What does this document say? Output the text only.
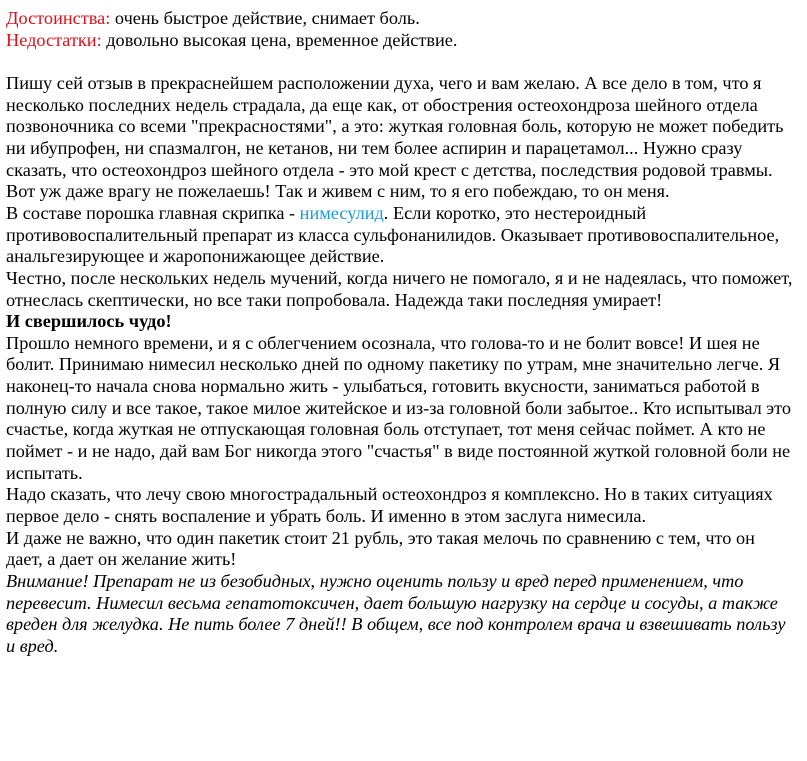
Достоинства: очень быстрое действие, снимает боль.

Недостатки: довольно высокая цена, временное действие.

Пишу сей отзыв в прекраснейшем расположении духа, чего и вам желаю. А все дело в том, что я несколько последних недель страдала, да еще как, от обострения остеохондроза шейного отдела позвоночника со всеми "прекрасностями", а это: жуткая головная боль, которую не может победить ни ибупрофен, ни спазмалгон, не кетанов, ни тем более аспирин и парацетамол... Нужно сразу сказать, что остеохондроз шейного отдела - это мой крест с детства, последствия родовой травмы. Вот уж даже врагу не пожелаешь! Так и живем с ним, то я его побеждаю, то он меня.

В составе порошка главная скрипка - нимесулид. Если коротко, это нестероидный противовоспалительный препарат из класса сульфонанилидов. Оказывает противовоспалительное, анальгезирующее и жаропонижающее действие.

Честно, после нескольких недель мучений, когда ничего не помогало, я и не надеялась, что поможет, отнеслась скептически, но все таки попробовала. Надежда таки последняя умирает!

И свершилось чудо!

Прошло немного времени, и я с облегчением осознала, что голова-то и не болит вовсе! И шея не болит. Принимаю нимесил несколько дней по одному пакетику по утрам, мне значительно легче. Я наконец-то начала снова нормально жить - улыбаться, готовить вкусности, заниматься работой в полную силу и все такое, такое милое житейское и из-за головной боли забытое.. Кто испытывал это счастье, когда жуткая не отпускающая головная боль отступает, тот меня сейчас поймет. А кто не поймет - и не надо, дай вам Бог никогда этого "счастья" в виде постоянной жуткой головной боли не испытать.

Надо сказать, что лечу свою многострадальный остеохондроз я комплексно. Но в таких ситуациях первое дело - снять воспаление и убрать боль. И именно в этом заслуга нимесила.

И даже не важно, что один пакетик стоит 21 рубль, это такая мелочь по сравнению с тем, что он дает, а дает он желание жить!

Внимание! Препарат не из безобидных, нужно оценить пользу и вред перед применением, что перевесит. Нимесил весьма гепатотоксичен, дает большую нагрузку на сердце и сосуды, а также вреден для желудка. Не пить более 7 дней!! В общем, все под контролем врача и взвешивать пользу и вред.
